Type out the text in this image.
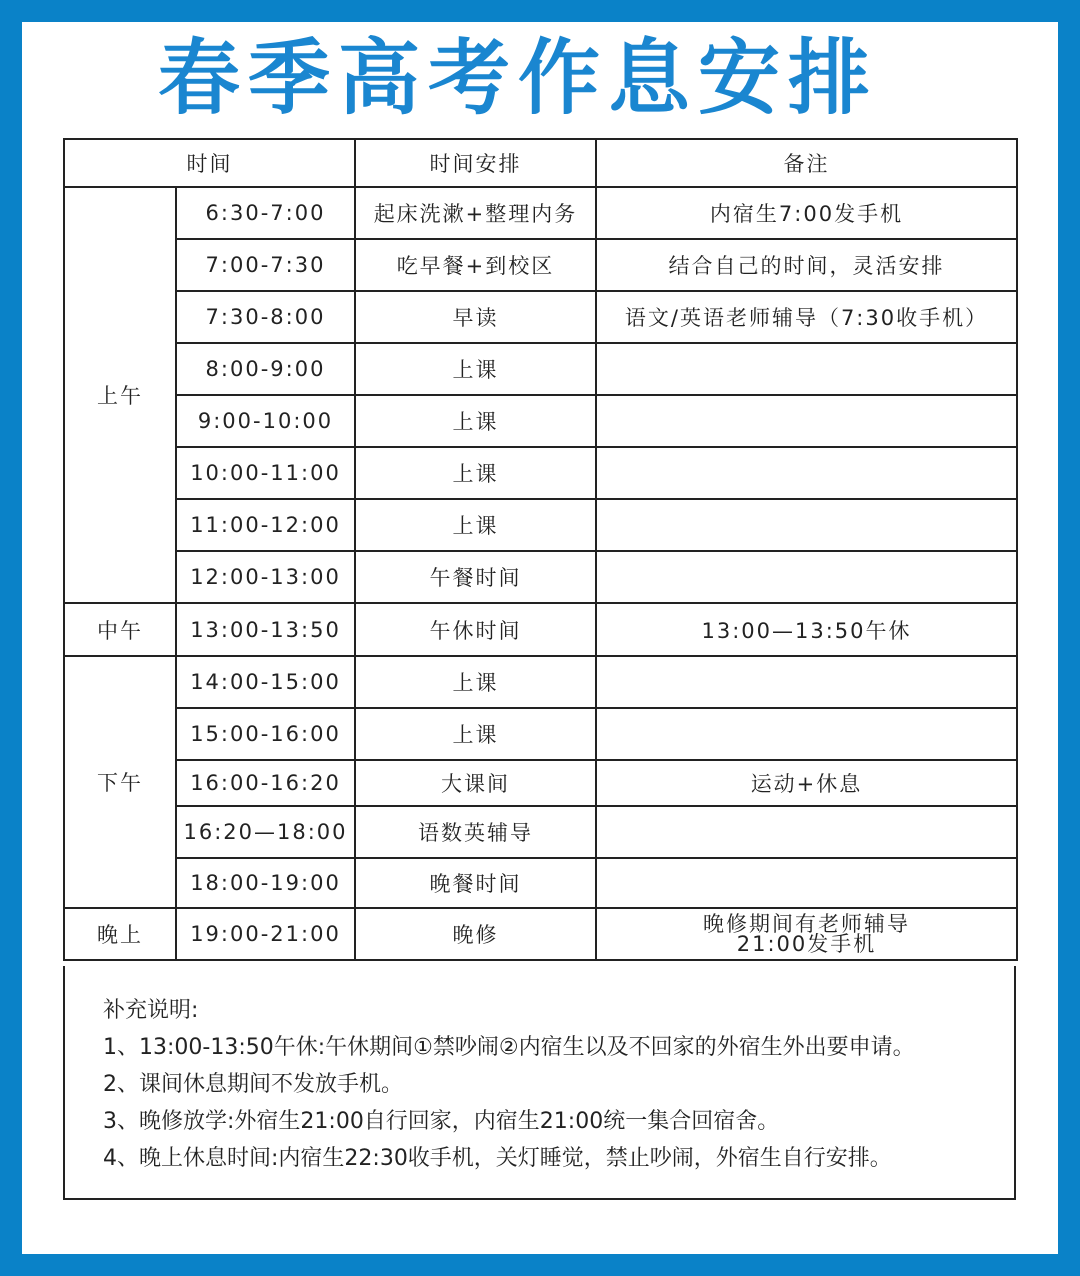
春季高考作息安排
时间		时间安排	备注
上午	6:30-7:00	起床洗漱+整理内务	内宿生7:00发手机
	7:00-7:30	吃早餐+到校区	结合自己的时间，灵活安排
	7:30-8:00	早读	语文/英语老师辅导（7:30收手机）
	8:00-9:00	上课	
	9:00-10:00	上课	
	10:00-11:00	上课	
	11:00-12:00	上课	
	12:00-13:00	午餐时间	
中午	13:00-13:50	午休时间	13:00—13:50午休
下午	14:00-15:00	上课	
	15:00-16:00	上课	
	16:00-16:20	大课间	运动+休息
	16:20—18:00	语数英辅导	
	18:00-19:00	晚餐时间	
晚上	19:00-21:00	晚修	晚修期间有老师辅导
21:00发手机
补充说明:
1、13:00-13:50午休:午休期间①禁吵闹②内宿生以及不回家的外宿生外出要申请。
2、课间休息期间不发放手机。
3、晚修放学:外宿生21:00自行回家，内宿生21:00统一集合回宿舍。
4、晚上休息时间:内宿生22:30收手机，关灯睡觉，禁止吵闹，外宿生自行安排。
